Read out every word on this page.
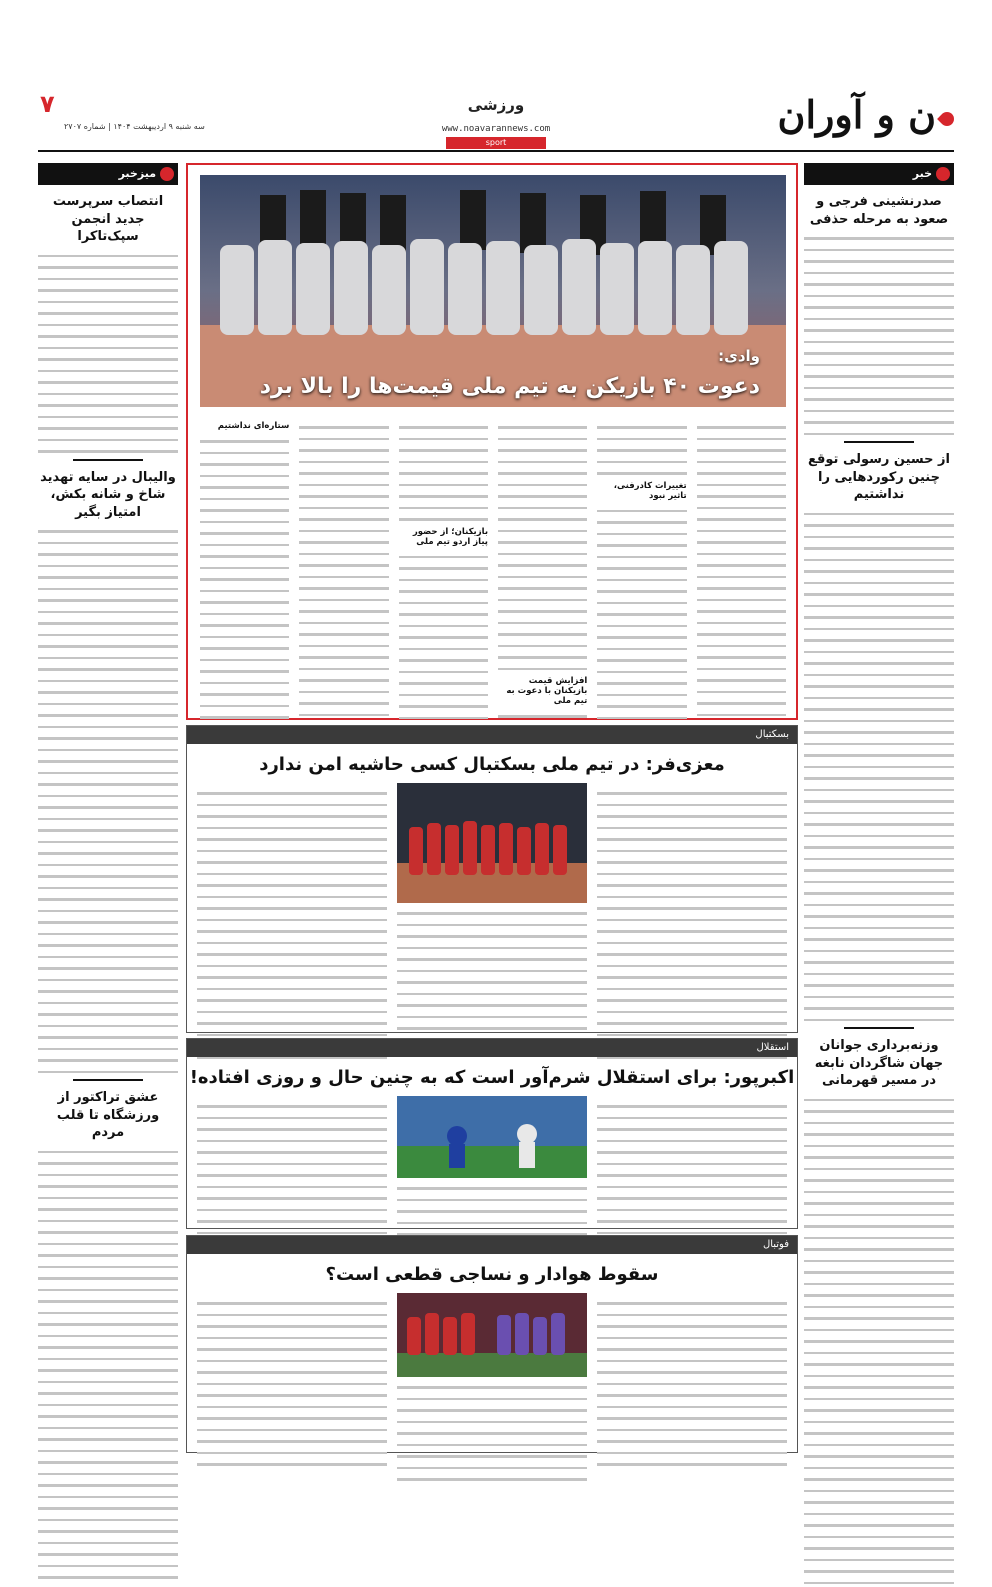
ن و آوران
ورزشی
www.noavarannews.com
sport
۷
سه شنبه ۹ اردیبهشت ۱۴۰۴ | شماره ۲۷۰۷
خبر
صدرنشینی فرجی و صعود به مرحله حذفی
از حسین رسولی توقع چنین رکوردهایی را نداشتیم
وزنه‌برداری جوانان جهان شاگردان نابغه در مسیر قهرمانی
میزخبر
انتصاب سرپرست جدید انجمن سپک‌تاکرا
والیبال در سایه تهدید شاخ و شانه بکش، امتیاز بگیر
عشق تراکتور از ورزشگاه تا قلب مردم
وادی:
دعوت ۴۰ بازیکن به تیم ملی قیمت‌ها را بالا برد
تغییرات کادرفنی، تاثیر نبود
افزایش قیمت بازیکنان با دعوت به تیم ملی
بازیکنان؛ از حضور پیاز اردو تیم ملی
ستاره‌ای نداشتیم
بسکتبال
معزی‌فر: در تیم ملی بسکتبال کسی حاشیه امن ندارد
استقلال
اکبرپور: برای استقلال شرم‌آور است که به چنین حال و روزی افتاده!
فوتبال
سقوط هوادار و نساجی قطعی است؟
